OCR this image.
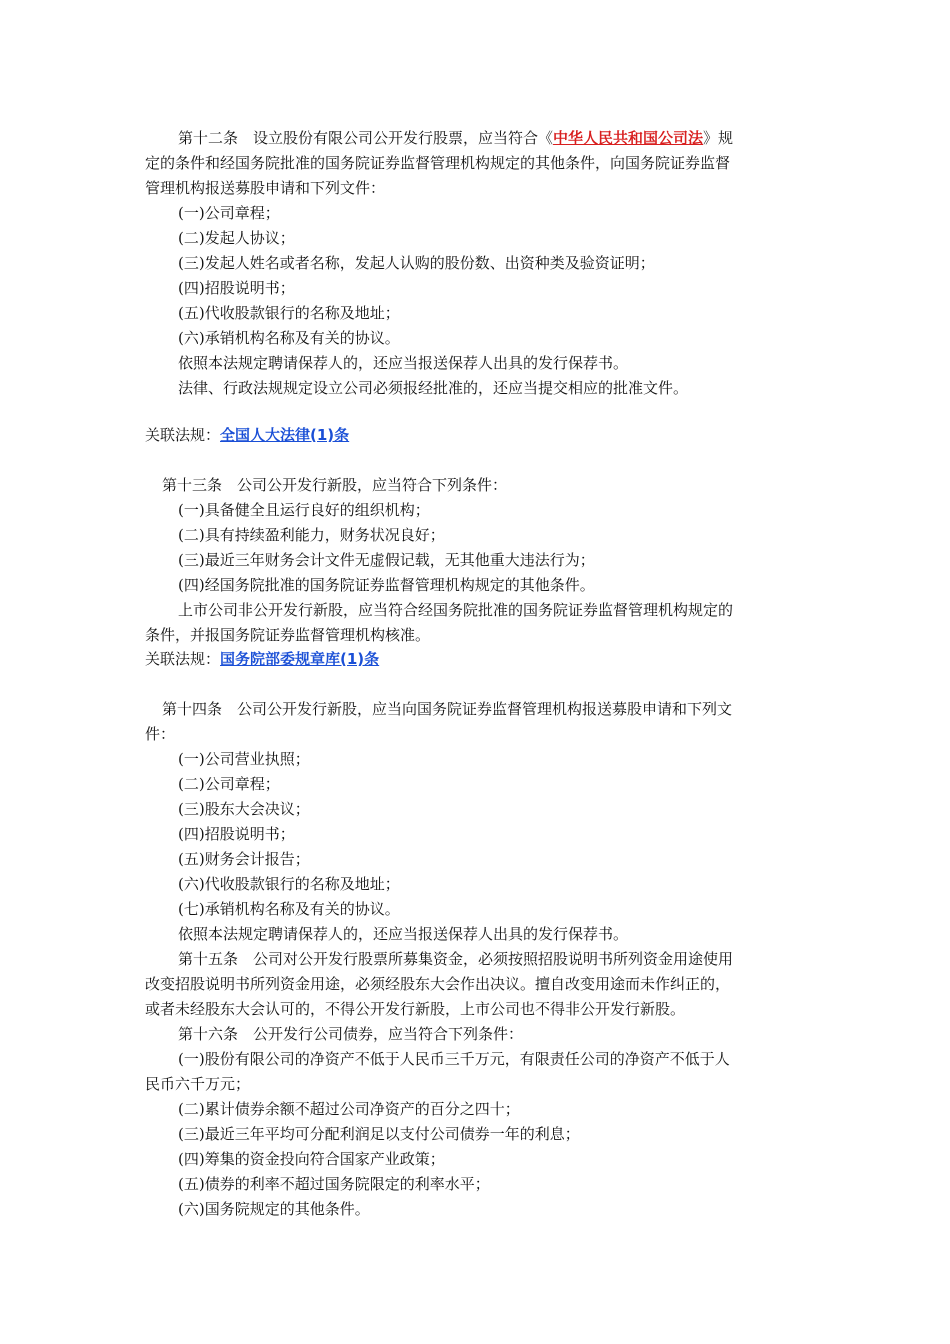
第十二条　设立股份有限公司公开发行股票，应当符合《中华人民共和国公司法》规
定的条件和经国务院批准的国务院证券监督管理机构规定的其他条件，向国务院证券监督
管理机构报送募股申请和下列文件：
(一)公司章程；
(二)发起人协议；
(三)发起人姓名或者名称，发起人认购的股份数、出资种类及验资证明；
(四)招股说明书；
(五)代收股款银行的名称及地址；
(六)承销机构名称及有关的协议。
依照本法规定聘请保荐人的，还应当报送保荐人出具的发行保荐书。
法律、行政法规规定设立公司必须报经批准的，还应当提交相应的批准文件。
关联法规：全国人大法律(1)条
第十三条　公司公开发行新股，应当符合下列条件：
(一)具备健全且运行良好的组织机构；
(二)具有持续盈利能力，财务状况良好；
(三)最近三年财务会计文件无虚假记载，无其他重大违法行为；
(四)经国务院批准的国务院证券监督管理机构规定的其他条件。
上市公司非公开发行新股，应当符合经国务院批准的国务院证券监督管理机构规定的
条件，并报国务院证券监督管理机构核准。
关联法规：国务院部委规章库(1)条
第十四条　公司公开发行新股，应当向国务院证券监督管理机构报送募股申请和下列文
件：
(一)公司营业执照；
(二)公司章程；
(三)股东大会决议；
(四)招股说明书；
(五)财务会计报告；
(六)代收股款银行的名称及地址；
(七)承销机构名称及有关的协议。
依照本法规定聘请保荐人的，还应当报送保荐人出具的发行保荐书。
第十五条　公司对公开发行股票所募集资金，必须按照招股说明书所列资金用途使用
改变招股说明书所列资金用途，必须经股东大会作出决议。擅自改变用途而未作纠正的，
或者未经股东大会认可的，不得公开发行新股，上市公司也不得非公开发行新股。
第十六条　公开发行公司债券，应当符合下列条件：
(一)股份有限公司的净资产不低于人民币三千万元，有限责任公司的净资产不低于人
民币六千万元；
(二)累计债券余额不超过公司净资产的百分之四十；
(三)最近三年平均可分配利润足以支付公司债券一年的利息；
(四)筹集的资金投向符合国家产业政策；
(五)债券的利率不超过国务院限定的利率水平；
(六)国务院规定的其他条件。
